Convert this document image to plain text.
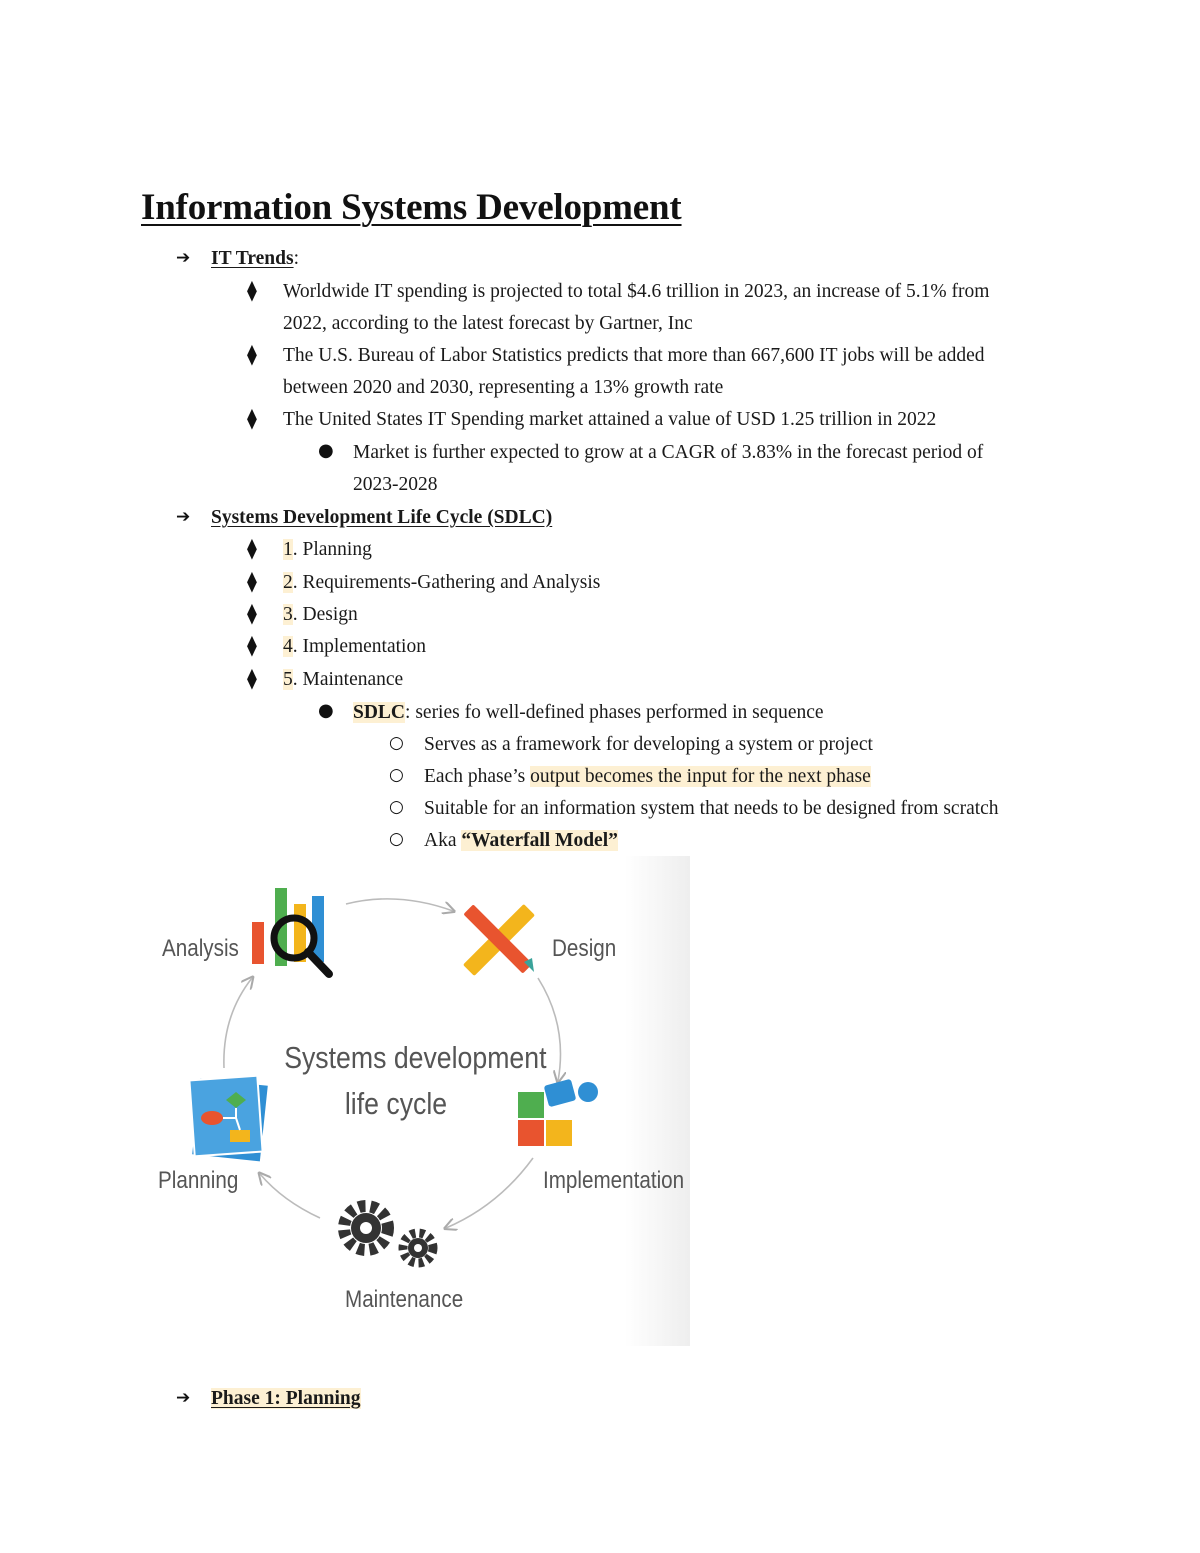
Information Systems Development
➔ IT Trends:
⧫ Worldwide IT spending is projected to total $4.6 trillion in 2023, an increase of 5.1% from
2022, according to the latest forecast by Gartner, Inc
⧫ The U.S. Bureau of Labor Statistics predicts that more than 667,600 IT jobs will be added
between 2020 and 2030, representing a 13% growth rate
⧫ The United States IT Spending market attained a value of USD 1.25 trillion in 2022
● Market is further expected to grow at a CAGR of 3.83% in the forecast period of
2023-2028
➔ Systems Development Life Cycle (SDLC)
⧫ 1. Planning
⧫ 2. Requirements-Gathering and Analysis
⧫ 3. Design
⧫ 4. Implementation
⧫ 5. Maintenance
● SDLC: series fo well-defined phases performed in sequence
○ Serves as a framework for developing a system or project
○ Each phase’s output becomes the input for the next phase
○ Suitable for an information system that needs to be designed from scratch
○ Aka “Waterfall Model”
Analysis	Design
Implementation
Planning
Maintenance
Systems development
life cycle
➔ Phase 1: Planning
